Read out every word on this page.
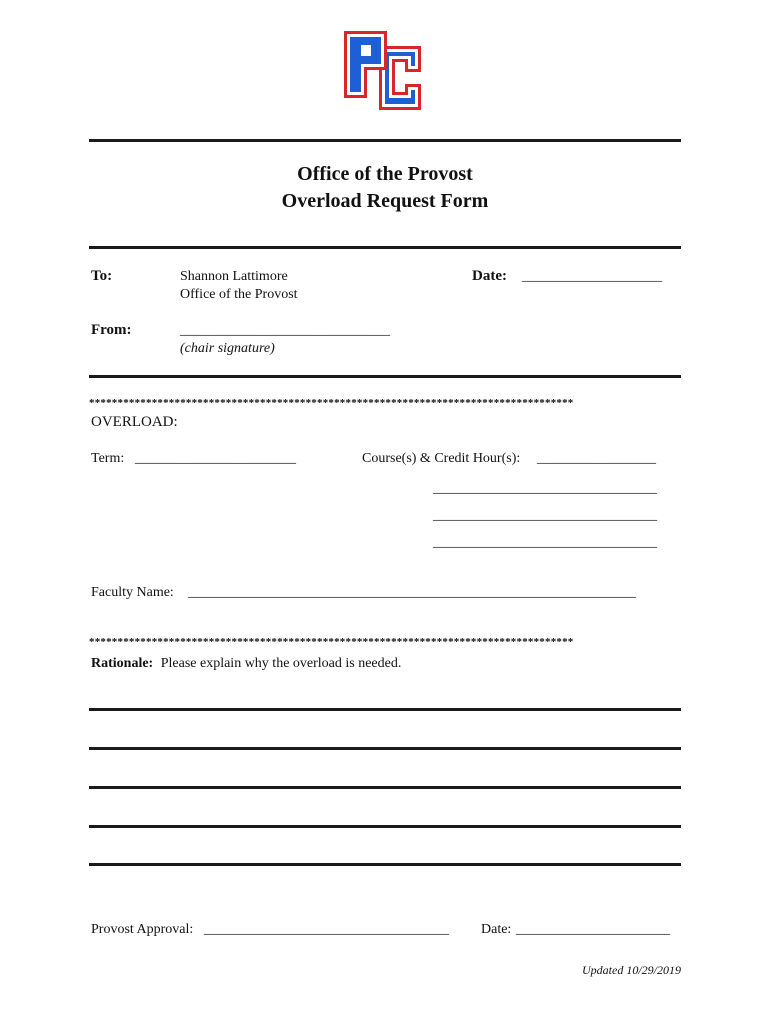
Office of the Provost
Overload Request Form
To:	Shannon Lattimore
Office of the Provost
Date: ____________________
From:	______________________________
(chair signature)
*************************************************************************************
OVERLOAD:
Term: _______________________	Course(s) & Credit Hour(s): _________________
________________________________
________________________________
________________________________
Faculty Name: ________________________________________________________________
*************************************************************************************
Rationale: Please explain why the overload is needed.
Provost Approval: ___________________________________ Date: ______________________
Updated 10/29/2019
